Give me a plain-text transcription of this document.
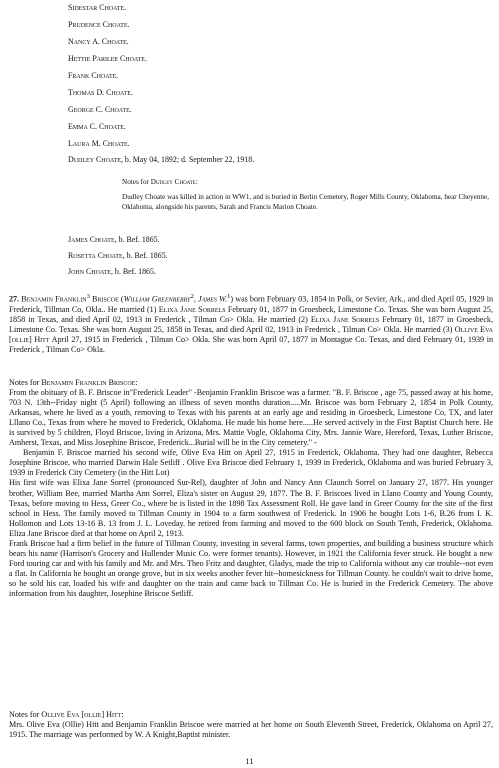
Sidestar Choate.
Prudence Choate.
Nancy A. Choate.
Hettie Parilee Choate.
Frank Choate.
Thomas D. Choate.
George C. Choate.
Emma C. Choate.
Laura M. Choate.
Dudley Choate, b. May 04, 1892; d. September 22, 1918.
Notes for Dudley Choate:
Dudley Choate was killed in action in WW1, and is buried in Berlin Cemetery, Roger Mills County, Oklahoma, hear Cheyenne, Oklahoma, alongside his parents, Sarah and Francis Marion Choate.
James Choate, b. Bef. 1865.
Rosetta Choate, b. Bef. 1865.
John Choate, b. Bef. 1865.

27. Benjamin Franklin$^3$ Briscoe (William Greenberry$^2$, James W.$^1$) was born February 03, 1854 in Polk, or Sevier, Ark., and died April 05, 1929 in Frederick, Tillman Co, Okla.. He married (1) Elixa Jane Sorrels February 01, 1877 in Groesbeck, Limestone Co. Texas. She was born August 25, 1858 in Texas, and died April 02, 1913 in Frederick , Tilman Co> Okla. He married (2) Elixa Jane Sorrels February 01, 1877 in Groesbeck, Limestone Co. Texas. She was born August 25, 1858 in Texas, and died April 02, 1913 in Frederick , Tilman Co> Okla. He married (3) Ollive Eva [ollie] Hitt April 27, 1915 in Frederick , Tilman Co> Okla. She was born April 07, 1877 in Montague Co. Texas, and died February 01, 1939 in Frederick , Tilman Co> Okla.

Notes for Benjamin Franklin Briscoe:

From the obituary of B. F. Briscoe in"Frederick Leader" -Benjamin Franklin Briscoe was a farmer. "B. F. Briscoe , age 75, passed away at his home, 703 N. 13th--Friday night (5 April) following an illness of seven months duration.....Mr. Briscoe was born February 2, 1854 in Polk County, Arkansas, where he lived as a youth, removing to Texas with his parents at an early age and residing in Groesbeck, Limestone Co, TX, and later Lllano Co., Texas from where he moved to Frederick, Oklahoma. He made his home here.....He served actively in the First Baptist Church here. He is survived by 5 children, Floyd Briscoe, living in Arizona, Mrs. Mattie Vogle, Oklahoma City, Mrs. Jannie Ware, Hereford, Texas, Luther Briscoe, Amherst, Texas, and Miss Josephine Briscoe, Frederick...Burial will be in the City cemetery." -

Benjamin F. Briscoe married his second wife, Olive Eva Hitt on April 27, 1915 in Frederick, Oklahoma. They had one daughter, Rebecca Josephine Briscoe, who married Darwin Hale Setliff . Olive Eva Briscoe died February 1, 1939 in Frederick, Oklahoma and was buried February 3, 1939 in Frederick City Cemetery (in the Hitt Lot)

His first wife was Elixa Jane Sorrel (pronounced Sur-Rel), daughter of John and Nancy Ann Claunch Sorrel on January 27, 1877. His younger brother, William Bee, married Martha Ann Sorrel, Eliza's sister on August 29, 1877. The B. F. Briscoes lived in Llano County and Young County, Texas, before moving to Hess, Greer Co., where he is listed in the 1898 Tax Assessment Roll. He gave land in Greer County for the site of the first school in Hess. The family moved to Tillman County in 1904 to a farm southwest of Frederick. In 1906 he bought Lots 1-6, B.26 from I. K. Hollomon and Lots 13-16 B. 13 from J. L. Loveday. he retired from farming and moved to the 600 block on South Tenth, Frederick, Oklahoma. Eliza Jane Briscoe died at that home on April 2, 1913.

Frank Briscoe had a firm belief in the future of Tillman County, investing in several farms, town properties, and building a business structure which bears his name (Harrison's Grocery and Hullender Music Co. were former tenants). However, in 1921 the California fever struck. He bought a new Ford touring car and with his family and Mr. and Mrs. Theo Fritz and daughter, Gladys, made the trip to California without any car trouble--not even a flat. In California he bought an orange grove, but in six weeks another fever hit--homesickness for Tillman County. he couldn't wait to drive home, so he sold his car, loaded his wife and daughter on the train and came back to Tillman Co. He is buried in the Frederick Cemetery. The above information from his daughter, Josephine Briscoe Setliff.

Notes for Ollive Eva [ollie] Hitt:

Mrs. Olive Eva (Ollie) Hitt and Benjamin Franklin Briscoe were married at her home on South Eleventh Street, Frederick, Oklahoma on April 27, 1915. The marriage was performed by W. A Knight,Baptist minister.

11
